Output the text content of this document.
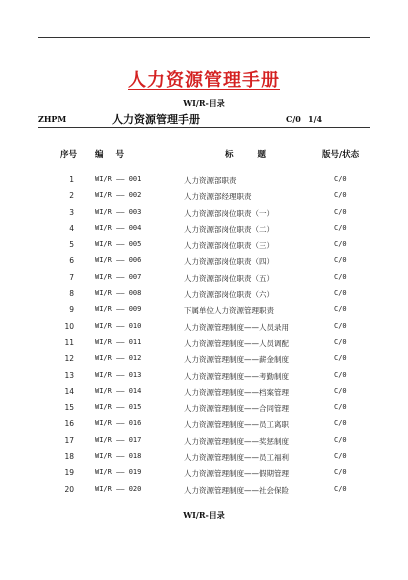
人力资源管理手册
WI/R-目录
ZHPM	人力资源管理手册	C/0 1/4
序号 编号	标题	版号/状态
1	WI/R —— 001	人力资源部职责	C/0
2	WI/R —— 002	人力资源部经理职责	C/0
3	WI/R —— 003	人力资源部岗位职责（一）	C/0
4	WI/R —— 004	人力资源部岗位职责（二）	C/0
5	WI/R —— 005	人力资源部岗位职责（三）	C/0
6	WI/R —— 006	人力资源部岗位职责（四）	C/0
7	WI/R —— 007	人力资源部岗位职责（五）	C/0
8	WI/R —— 008	人力资源部岗位职责（六）	C/0
9	WI/R —— 009	下属单位人力资源管理职责	C/0
10	WI/R —— 010	人力资源管理制度——人员录用	C/0
11	WI/R —— 011	人力资源管理制度——人员调配	C/0
12	WI/R —— 012	人力资源管理制度——薪金制度	C/0
13	WI/R —— 013	人力资源管理制度——考勤制度	C/0
14	WI/R —— 014	人力资源管理制度——档案管理	C/0
15	WI/R —— 015	人力资源管理制度——合同管理	C/0
16	WI/R —— 016	人力资源管理制度——员工离职	C/0
17	WI/R —— 017	人力资源管理制度——奖惩制度	C/0
18	WI/R —— 018	人力资源管理制度——员工福利	C/0
19	WI/R —— 019	人力资源管理制度——假期管理	C/0
20	WI/R —— 020	人力资源管理制度——社会保险	C/0
WI/R-目录
